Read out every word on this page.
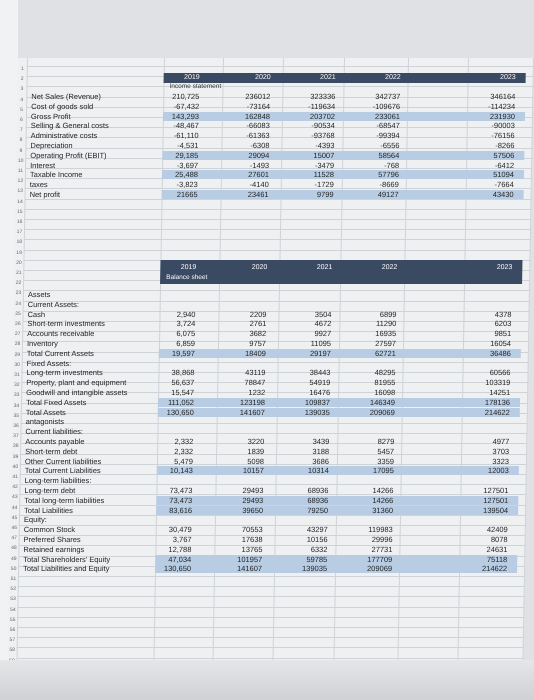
1
2
3
4
5
6
7
8
9
10
11
12
13
14
15
16
17
18
19
20
21
22
23
24
25
26
27
28
29
30
31
32
33
34
35
36
37
38
39
40
41
42
43
44
45
46
47
48
49
50
51
52
53
54
55
56
57
58
2019	2020	2021	2022	2023
Income statement
Net Sales (Revenue)	210,725	236012	323336	342737	346164
Cost of goods sold	-67,432	-73164	-119634	-109676	-114234
Gross Profit	143,293	162848	203702	233061	231930
Selling & General costs	-48,467	-66083	-90534	-68547	-90003
Administrative costs	-61,110	-61363	-93768	-99394	-76156
Depreciation	-4,531	-6308	-4393	-6556	-8266
Operating Profit (EBIT)	29,185	29094	15007	58564	57506
Interest	-3,697	-1493	-3479	-768	-6412
Taxable Income	25,488	27601	11528	57796	51094
taxes	-3,823	-4140	-1729	-8669	-7664
Net profit	21665	23461	9799	49127	43430
2019	2020	2021	2022	2023
Balance sheet
Assets
Current Assets:
Cash	2,940	2209	3504	6899	4378
Short-term investments	3,724	2761	4672	11290	6203
Accounts receivable	6,075	3682	9927	16935	9851
Inventory	6,859	9757	11095	27597	16054
Total Current Assets	19,597	18409	29197	62721	36486
Fixed Assets:
Long-term investments	38,868	43119	38443	48295	60566
Property, plant and equipment	56,637	78847	54919	81955	103319
Goodwill and intangible assets	15,547	1232	16476	16098	14251
Total Fixed Assets	111,052	123198	109837	146349	178136
Total Assets	130,650	141607	139035	209069	214622
antagonists
Current liabilities:
Accounts payable	2,332	3220	3439	8279	4977
Short-term debt	2,332	1839	3188	5457	3703
Other Current liabilities	5,479	5098	3686	3359	3323
Total Current Liabilities	10,143	10157	10314	17095	12003
Long-term liabilities:
Long-term debt	73,473	29493	68936	14266	127501
Total long-term liabilities	73,473	29493	68936	14266	127501
Total Liabilities	83,616	39650	79250	31360	139504
Equity:
Common Stock	30,479	70553	43297	119983	42409
Preferred Shares	3,767	17638	10156	29996	8078
Retained earnings	12,788	13765	6332	27731	24631
Total Shareholders' Equity	47,034	101957	59785	177709	75118
Total Liabilities and Equity	130,650	141607	139035	209069	214622
